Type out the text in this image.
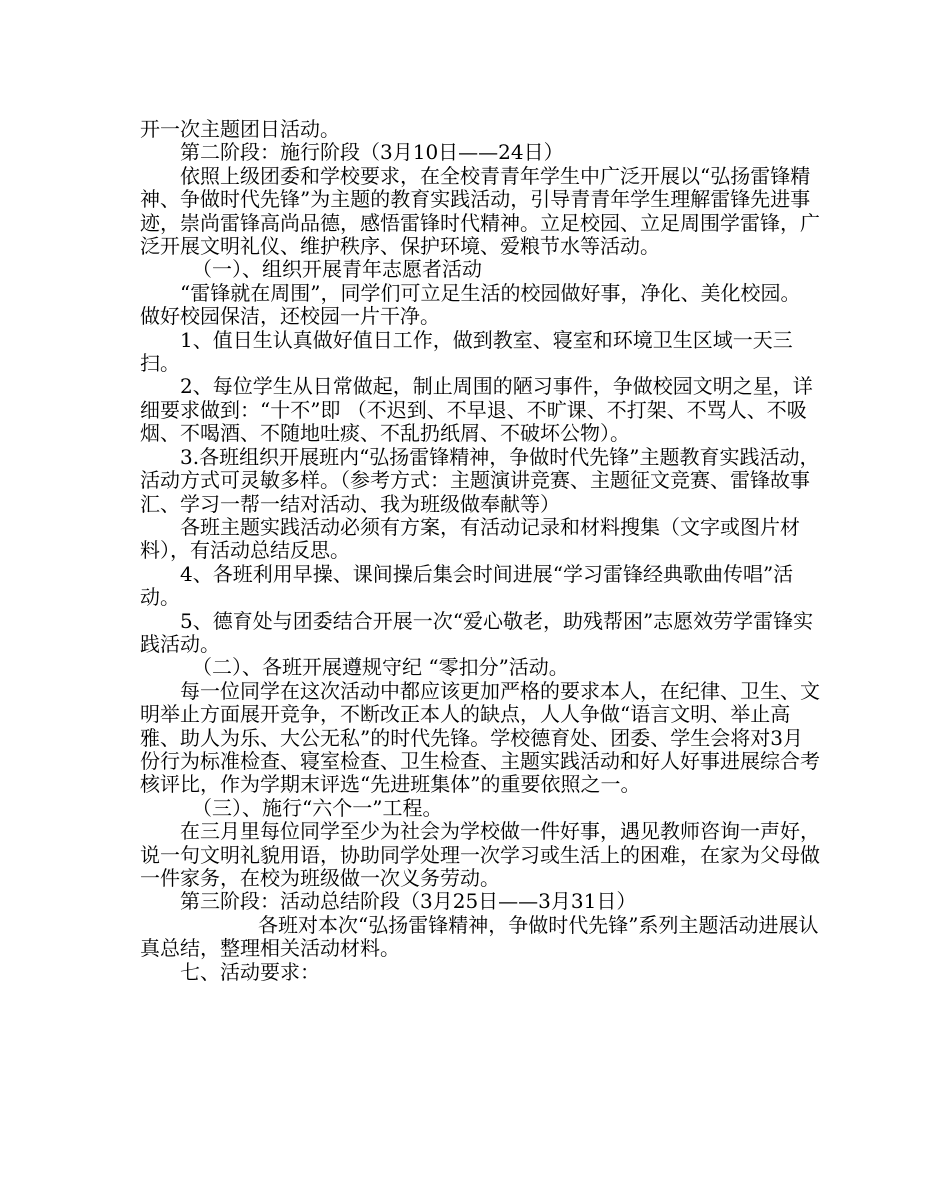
开一次主题团日活动。

第二阶段：施行阶段（3月10日——24日）

依照上级团委和学校要求，在全校青青年学生中广泛开展以“弘扬雷锋精神、争做时代先锋”为主题的教育实践活动，引导青青年学生理解雷锋先进事迹，崇尚雷锋高尚品德，感悟雷锋时代精神。立足校园、立足周围学雷锋，广泛开展文明礼仪、维护秩序、保护环境、爱粮节水等活动。

（一）、组织开展青年志愿者活动

“雷锋就在周围”，同学们可立足生活的校园做好事，净化、美化校园。做好校园保洁，还校园一片干净。

1、值日生认真做好值日工作，做到教室、寝室和环境卫生区域一天三扫。

2、每位学生从日常做起，制止周围的陋习事件，争做校园文明之星，详细要求做到：“十不”即 （不迟到、不早退、不旷课、不打架、不骂人、不吸烟、不喝酒、不随地吐痰、不乱扔纸屑、不破坏公物）。

3.各班组织开展班内“弘扬雷锋精神，争做时代先锋”主题教育实践活动，活动方式可灵敏多样。（参考方式：主题演讲竞赛、主题征文竞赛、雷锋故事汇、学习一帮一结对活动、我为班级做奉献等）

各班主题实践活动必须有方案，有活动记录和材料搜集（文字或图片材料），有活动总结反思。

4、各班利用早操、课间操后集会时间进展“学习雷锋经典歌曲传唱”活动。

5、德育处与团委结合开展一次“爱心敬老，助残帮困”志愿效劳学雷锋实践活动。

（二）、各班开展遵规守纪 “零扣分”活动。

每一位同学在这次活动中都应该更加严格的要求本人，在纪律、卫生、文明举止方面展开竞争，不断改正本人的缺点，人人争做“语言文明、举止高雅、助人为乐、大公无私”的时代先锋。学校德育处、团委、学生会将对3月份行为标准检查、寝室检查、卫生检查、主题实践活动和好人好事进展综合考核评比，作为学期末评选“先进班集体”的重要依照之一。

（三）、施行“六个一”工程。

在三月里每位同学至少为社会为学校做一件好事，遇见教师咨询一声好，说一句文明礼貌用语，协助同学处理一次学习或生活上的困难，在家为父母做一件家务，在校为班级做一次义务劳动。

第三阶段：活动总结阶段（3月25日——3月31日）

各班对本次“弘扬雷锋精神，争做时代先锋”系列主题活动进展认真总结，整理相关活动材料。

七、活动要求：
